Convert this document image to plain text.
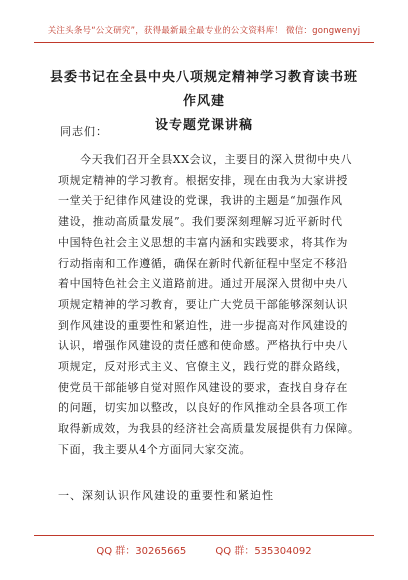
关注头条号“公文研究”，获得最新最全最专业的公文资料库！ 微信：gongwenyj
县委书记在全县中央八项规定精神学习教育读书班作风建
设专题党课讲稿
同志们：
今天我们召开全县XX会议，主要目的深入贯彻中央八
项规定精神的学习教育。根据安排，现在由我为大家讲授
一堂关于纪律作风建设的党课，我讲的主题是“加强作风
建设，推动高质量发展”。我们要深刻理解习近平新时代
中国特色社会主义思想的丰富内涵和实践要求，将其作为
行动指南和工作遵循，确保在新时代新征程中坚定不移沿
着中国特色社会主义道路前进。通过开展深入贯彻中央八
项规定精神的学习教育，要让广大党员干部能够深刻认识
到作风建设的重要性和紧迫性，进一步提高对作风建设的
认识，增强作风建设的责任感和使命感。严格执行中央八
项规定，反对形式主义、官僚主义，践行党的群众路线，
使党员干部能够自觉对照作风建设的要求，查找自身存在
的问题，切实加以整改，以良好的作风推动全县各项工作
取得新成效，为我县的经济社会高质量发展提供有力保障。
下面，我主要从4个方面同大家交流。
一、深刻认识作风建设的重要性和紧迫性
QQ 群：30265665	QQ 群：535304092
